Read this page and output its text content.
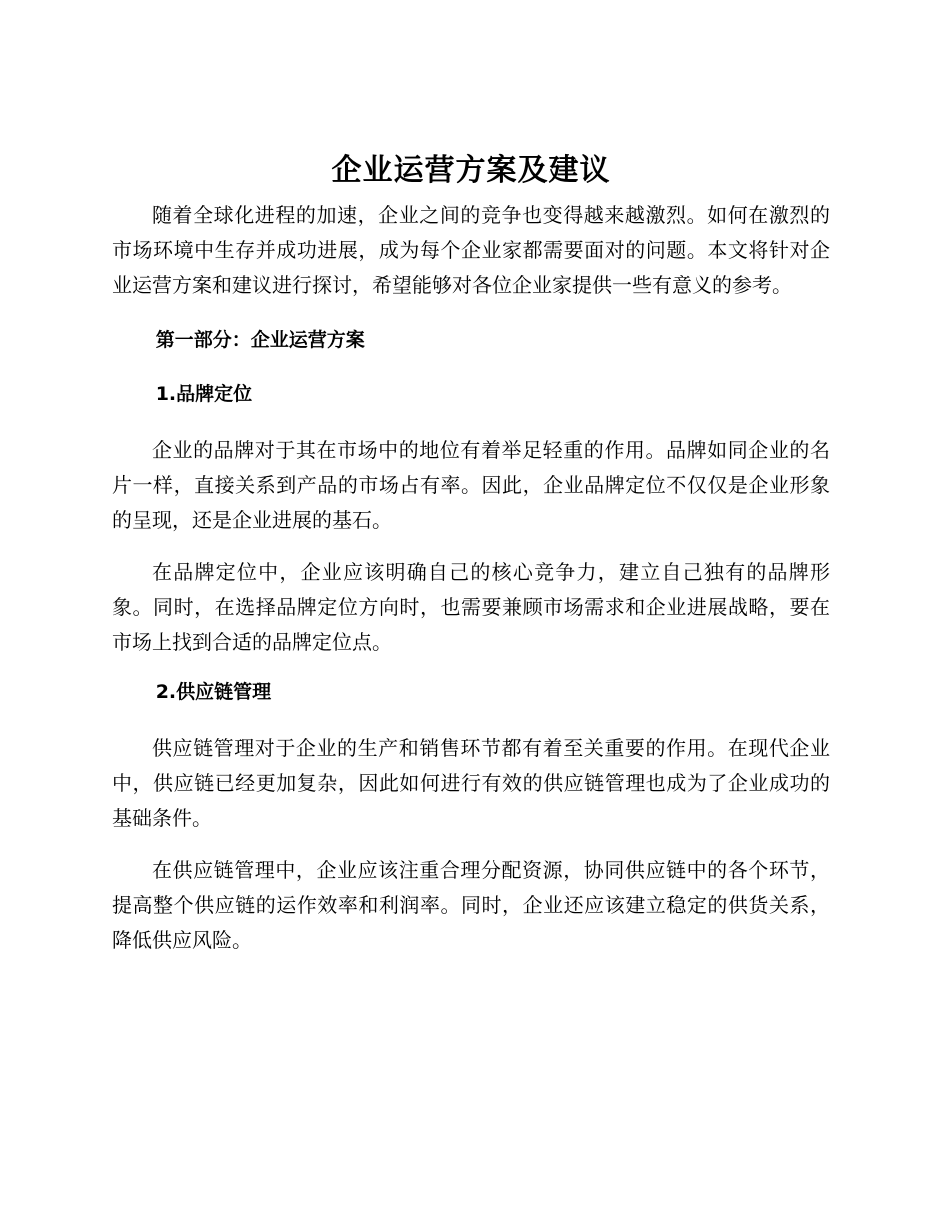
企业运营方案及建议

随着全球化进程的加速，企业之间的竞争也变得越来越激烈。如何在激烈的市场环境中生存并成功进展，成为每个企业家都需要面对的问题。本文将针对企业运营方案和建议进行探讨，希望能够对各位企业家提供一些有意义的参考。

第一部分：企业运营方案
1.品牌定位

企业的品牌对于其在市场中的地位有着举足轻重的作用。品牌如同企业的名片一样，直接关系到产品的市场占有率。因此，企业品牌定位不仅仅是企业形象的呈现，还是企业进展的基石。

在品牌定位中，企业应该明确自己的核心竞争力，建立自己独有的品牌形象。同时，在选择品牌定位方向时，也需要兼顾市场需求和企业进展战略，要在市场上找到合适的品牌定位点。

2.供应链管理

供应链管理对于企业的生产和销售环节都有着至关重要的作用。在现代企业中，供应链已经更加复杂，因此如何进行有效的供应链管理也成为了企业成功的基础条件。

在供应链管理中，企业应该注重合理分配资源，协同供应链中的各个环节，提高整个供应链的运作效率和利润率。同时，企业还应该建立稳定的供货关系，降低供应风险。
